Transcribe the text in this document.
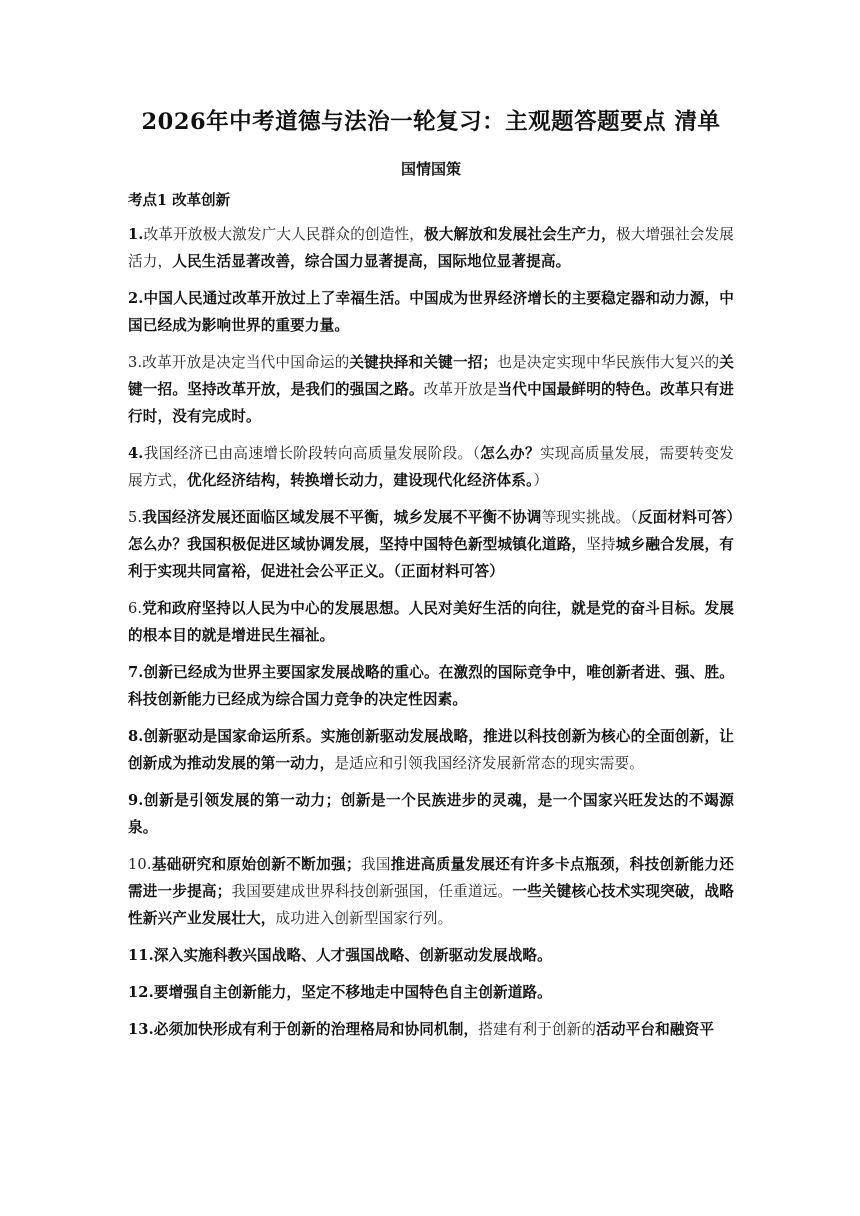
2026年中考道德与法治一轮复习：主观题答题要点 清单
国情国策
考点1 改革创新

1.改革开放极大激发广大人民群众的创造性，极大解放和发展社会生产力，极大增强社会发展活力，人民生活显著改善，综合国力显著提高，国际地位显著提高。

2.中国人民通过改革开放过上了幸福生活。中国成为世界经济增长的主要稳定器和动力源，中国已经成为影响世界的重要力量。

3.改革开放是决定当代中国命运的关键抉择和关键一招；也是决定实现中华民族伟大复兴的关键一招。坚持改革开放，是我们的强国之路。改革开放是当代中国最鲜明的特色。改革只有进行时，没有完成时。

4.我国经济已由高速增长阶段转向高质量发展阶段。（怎么办？实现高质量发展，需要转变发展方式，优化经济结构，转换增长动力，建设现代化经济体系。）

5.我国经济发展还面临区域发展不平衡，城乡发展不平衡不协调等现实挑战。（反面材料可答）怎么办？我国积极促进区域协调发展，坚持中国特色新型城镇化道路，坚持城乡融合发展，有利于实现共同富裕，促进社会公平正义。（正面材料可答）

6.党和政府坚持以人民为中心的发展思想。人民对美好生活的向往，就是党的奋斗目标。发展的根本目的就是增进民生福祉。

7.创新已经成为世界主要国家发展战略的重心。在激烈的国际竞争中，唯创新者进、强、胜。科技创新能力已经成为综合国力竞争的决定性因素。

8.创新驱动是国家命运所系。实施创新驱动发展战略，推进以科技创新为核心的全面创新，让创新成为推动发展的第一动力，是适应和引领我国经济发展新常态的现实需要。

9.创新是引领发展的第一动力；创新是一个民族进步的灵魂，是一个国家兴旺发达的不竭源泉。

10.基础研究和原始创新不断加强；我国推进高质量发展还有许多卡点瓶颈，科技创新能力还需进一步提高；我国要建成世界科技创新强国，任重道远。一些关键核心技术实现突破，战略性新兴产业发展壮大，成功进入创新型国家行列。

11.深入实施科教兴国战略、人才强国战略、创新驱动发展战略。

12.要增强自主创新能力，坚定不移地走中国特色自主创新道路。

13.必须加快形成有利于创新的治理格局和协同机制，搭建有利于创新的活动平台和融资平
